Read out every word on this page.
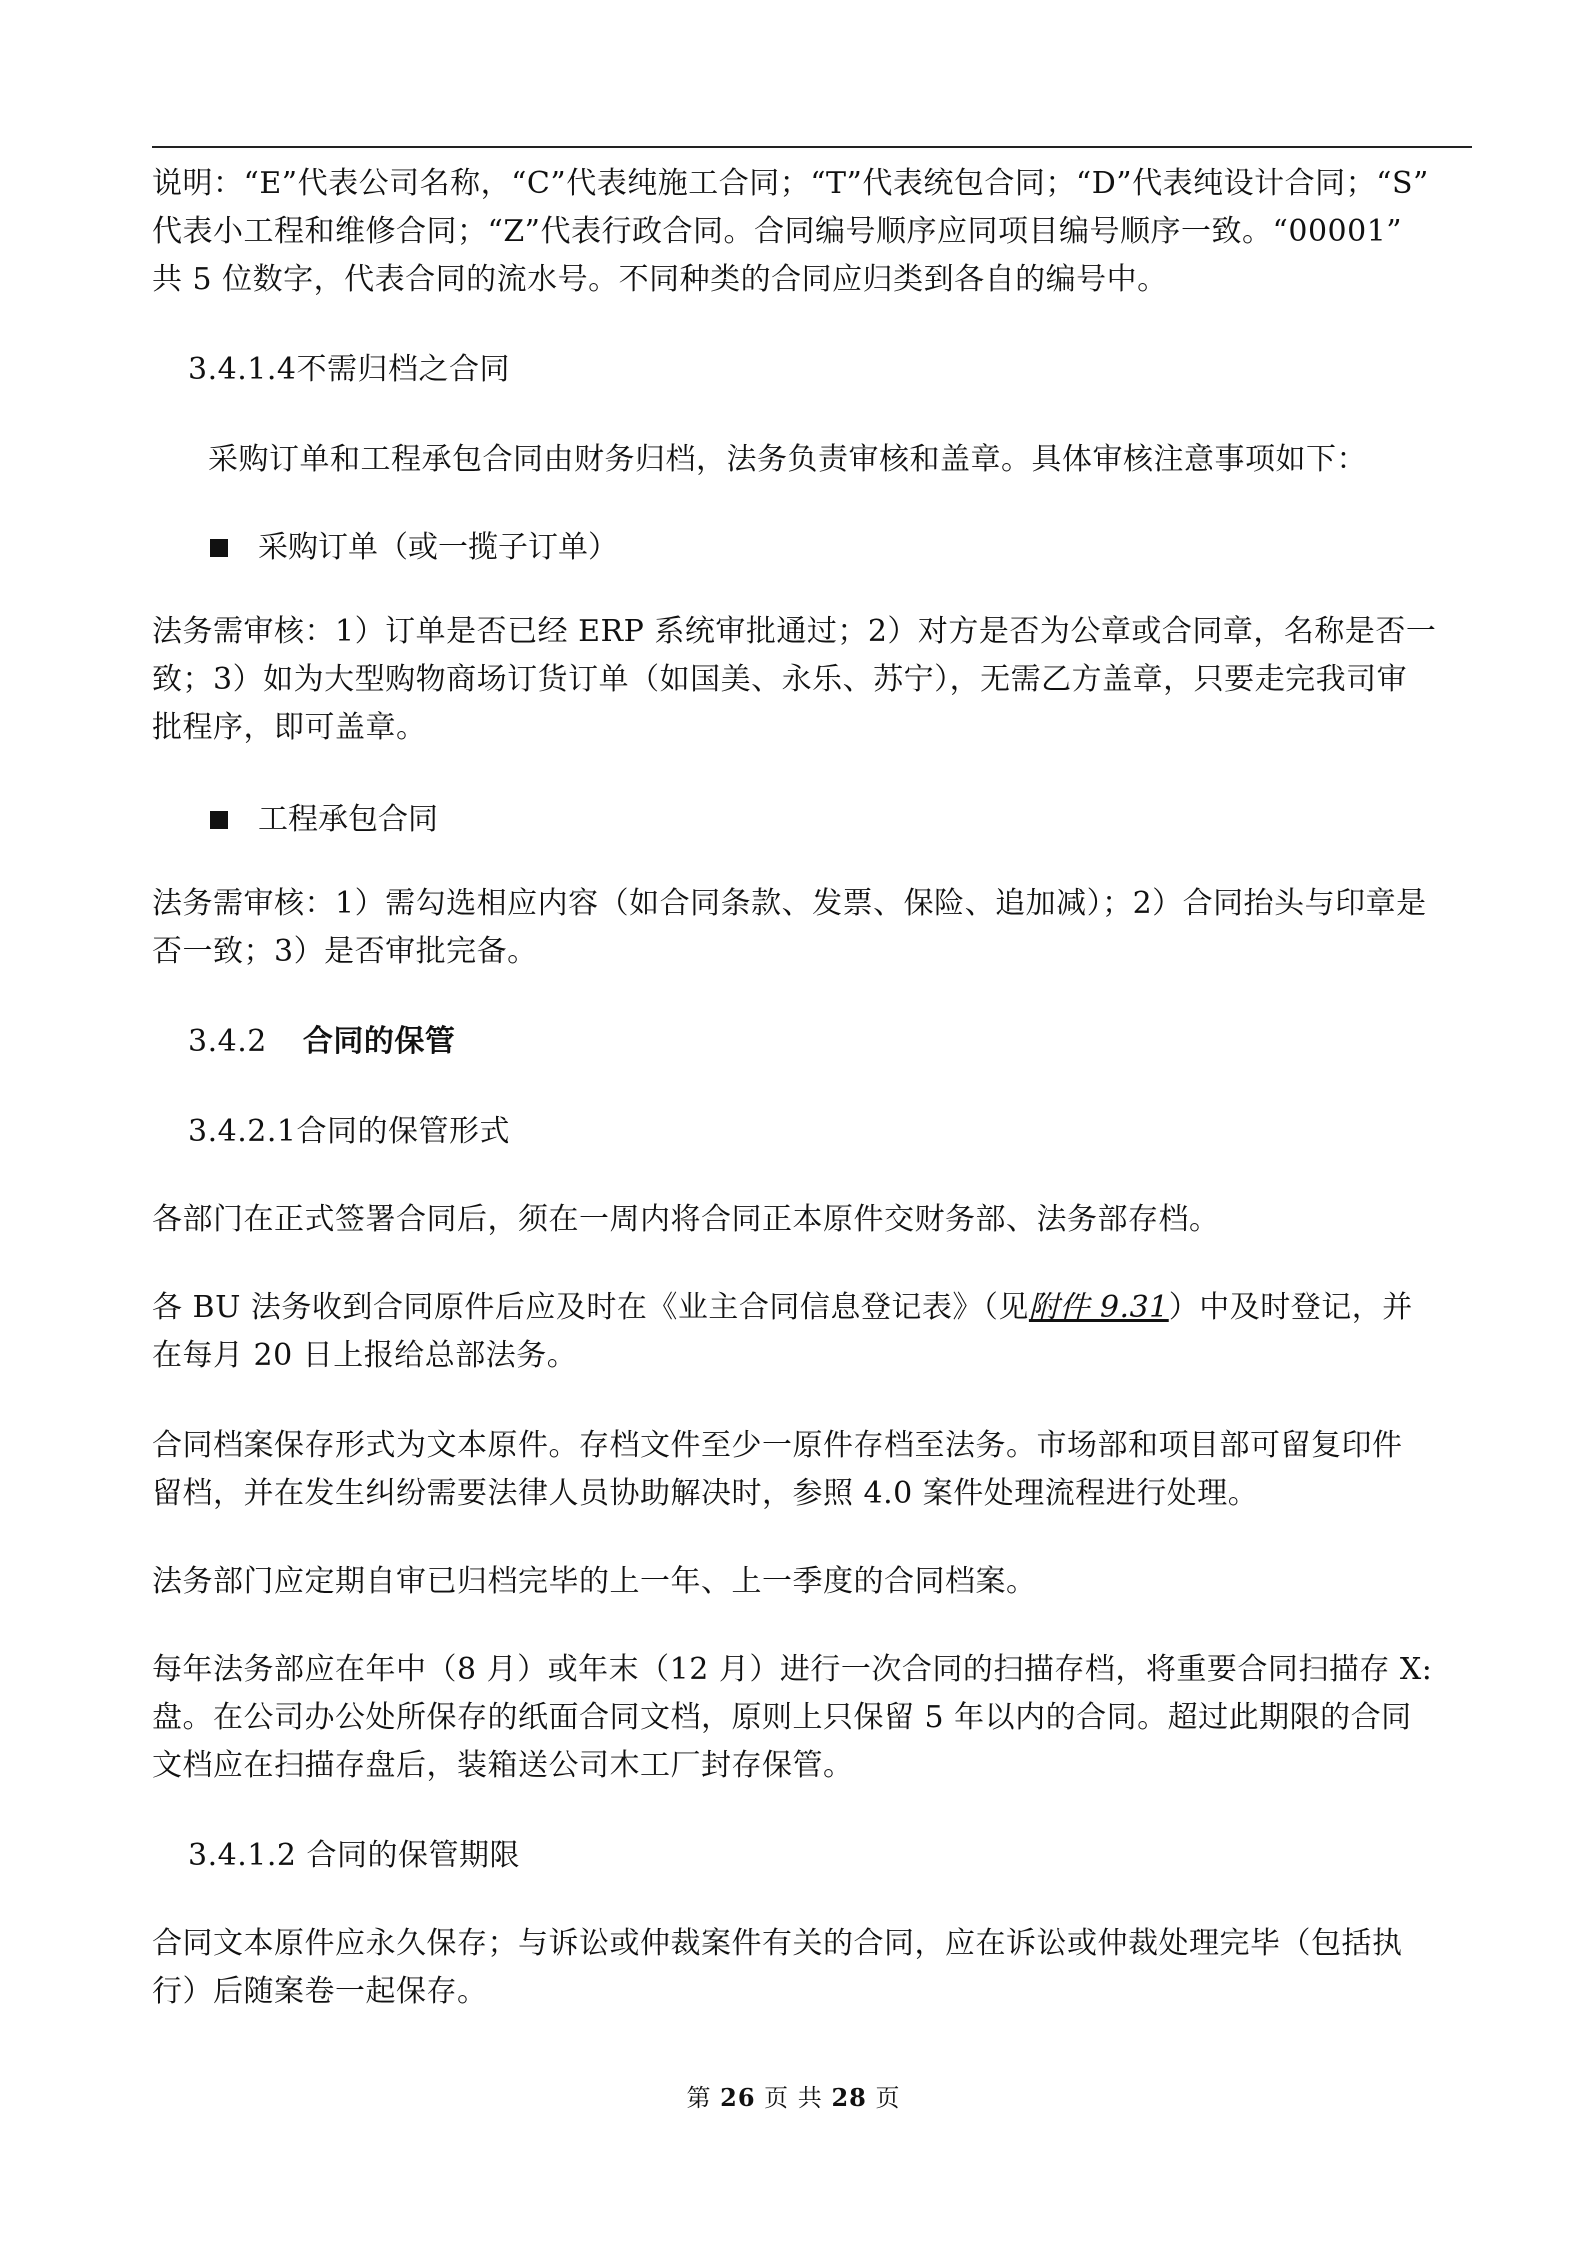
说明：“E”代表公司名称，“C”代表纯施工合同；“T”代表统包合同；“D”代表纯设计合同；“S”

代表小工程和维修合同；“Z”代表行政合同。合同编号顺序应同项目编号顺序一致。“00001”

共 5 位数字，代表合同的流水号。不同种类的合同应归类到各自的编号中。

3.4.1.4不需归档之合同

采购订单和工程承包合同由财务归档，法务负责审核和盖章。具体审核注意事项如下：

采购订单（或一揽子订单）

法务需审核：1）订单是否已经 ERP 系统审批通过；2）对方是否为公章或合同章，名称是否一

致；3）如为大型购物商场订货订单（如国美、永乐、苏宁），无需乙方盖章，只要走完我司审

批程序，即可盖章。

工程承包合同

法务需审核：1）需勾选相应内容（如合同条款、发票、保险、追加减）；2）合同抬头与印章是

否一致；3）是否审批完备。

3.4.2 合同的保管

3.4.2.1合同的保管形式

各部门在正式签署合同后，须在一周内将合同正本原件交财务部、法务部存档。

各 BU 法务收到合同原件后应及时在《业主合同信息登记表》（见附件 9.31）中及时登记，并

在每月 20 日上报给总部法务。

合同档案保存形式为文本原件。存档文件至少一原件存档至法务。市场部和项目部可留复印件

留档，并在发生纠纷需要法律人员协助解决时，参照 4.0 案件处理流程进行处理。

法务部门应定期自审已归档完毕的上一年、上一季度的合同档案。

每年法务部应在年中（8 月）或年末（12 月）进行一次合同的扫描存档，将重要合同扫描存 X:

盘。在公司办公处所保存的纸面合同文档，原则上只保留 5 年以内的合同。超过此期限的合同

文档应在扫描存盘后，装箱送公司木工厂封存保管。

3.4.1.2 合同的保管期限

合同文本原件应永久保存；与诉讼或仲裁案件有关的合同，应在诉讼或仲裁处理完毕（包括执

行）后随案卷一起保存。

第 26 页 共 28 页
